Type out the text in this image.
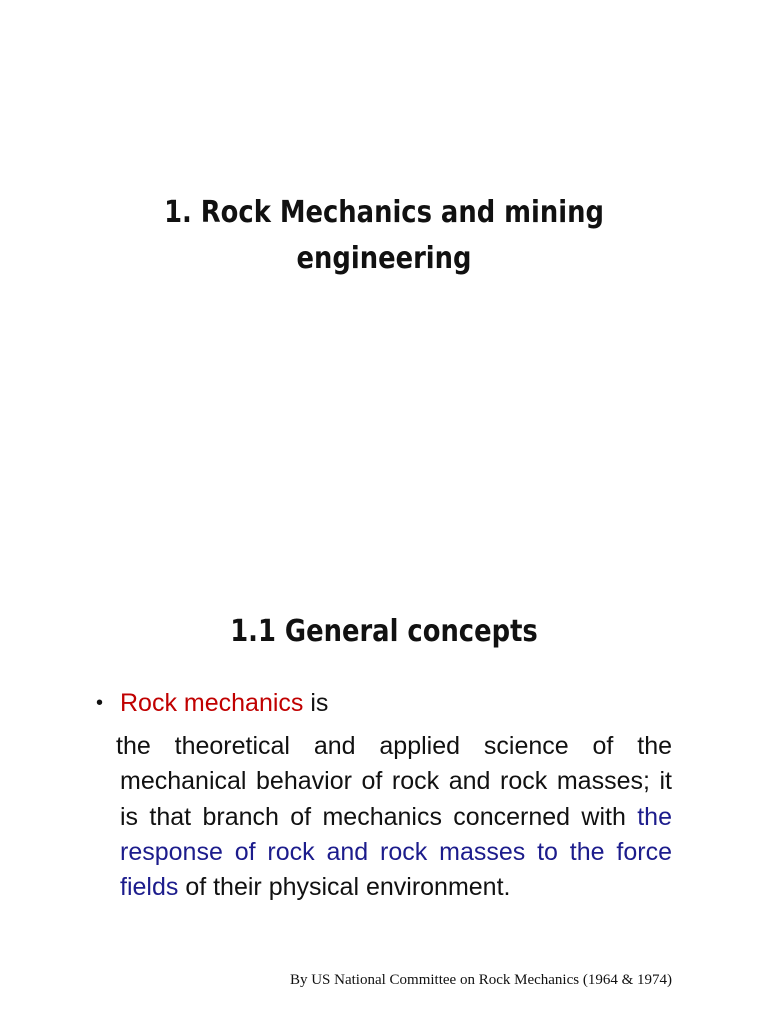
1. Rock Mechanics and mining
engineering
1.1 General concepts
• Rock mechanics is

the theoretical and applied science of the mechanical behavior of rock and rock masses; it is that branch of mechanics concerned with the response of rock and rock masses to the force fields of their physical environment.

By US National Committee on Rock Mechanics (1964 & 1974)
